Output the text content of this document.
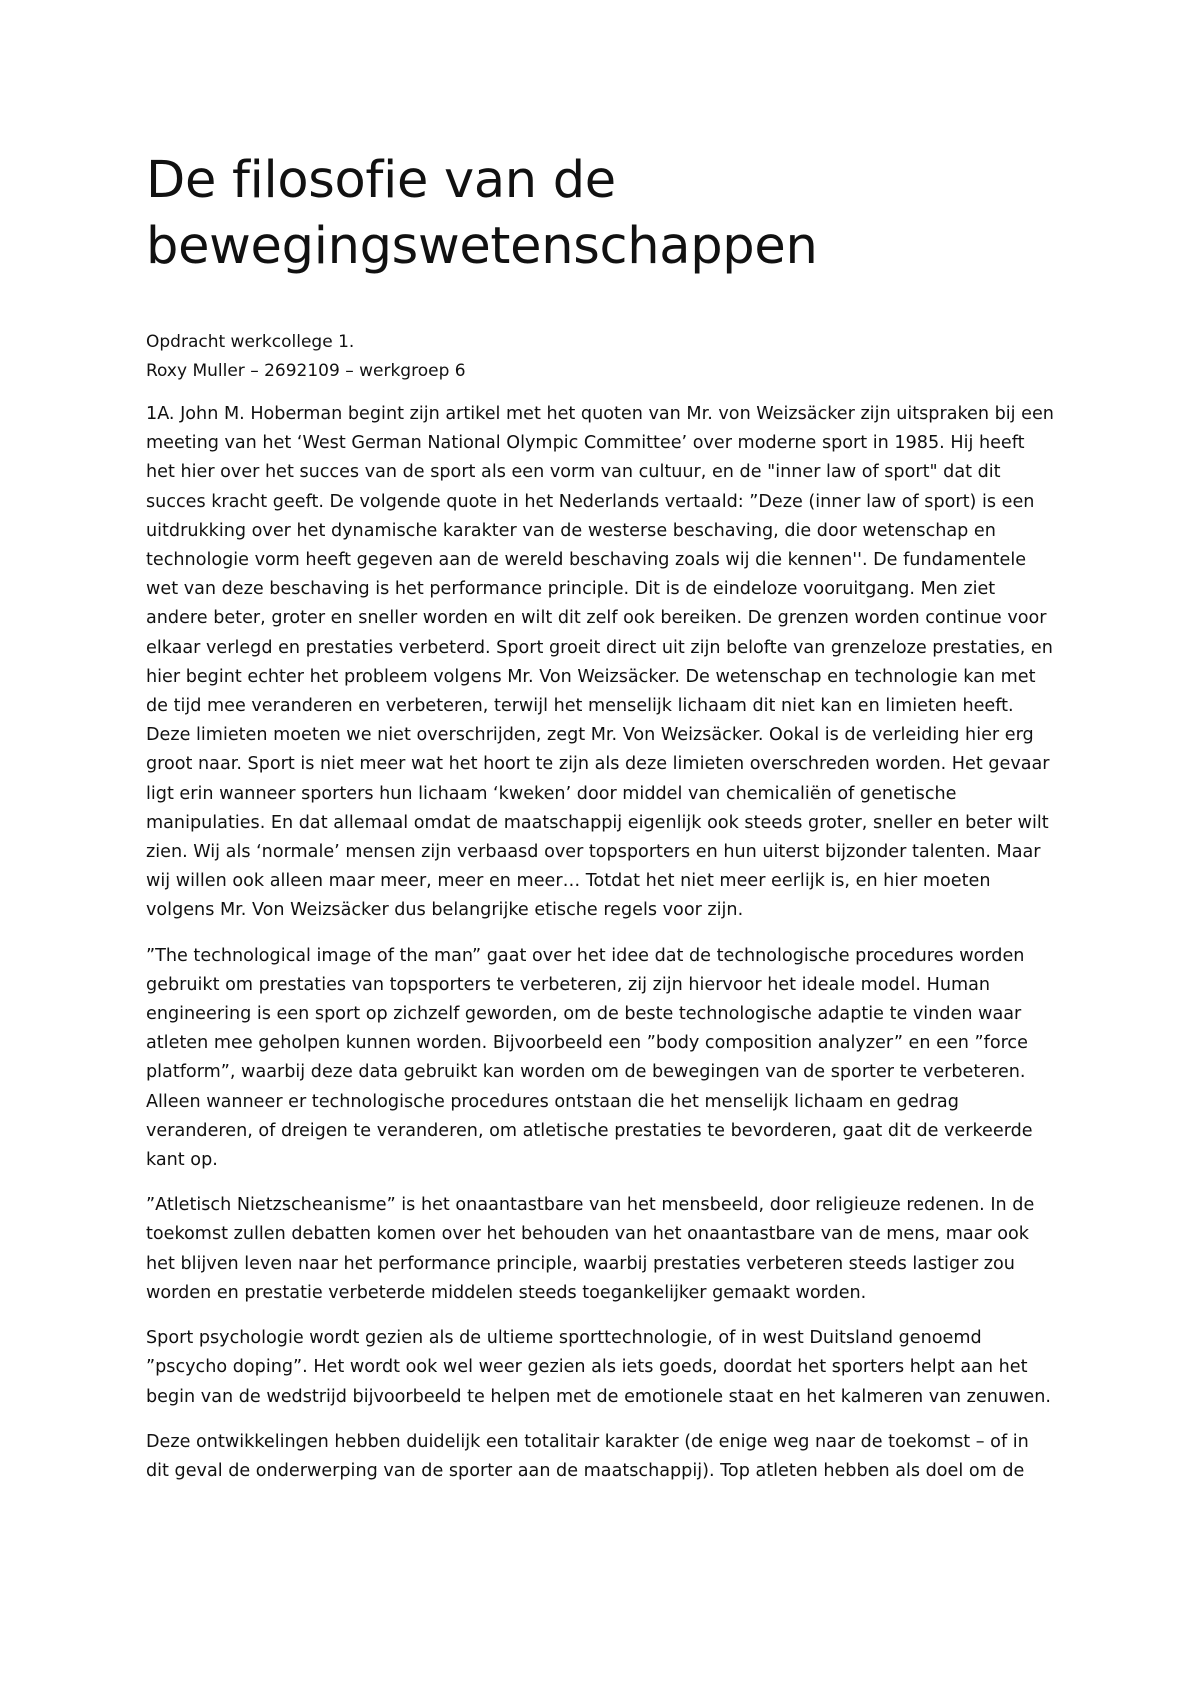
De filosofie van de bewegingswetenschappen

Opdracht werkcollege 1.

Roxy Muller – 2692109 – werkgroep 6

1A. John M. Hoberman begint zijn artikel met het quoten van Mr. von Weizsäcker zijn uitspraken bij een meeting van het ‘West German National Olympic Committee’ over moderne sport in 1985. Hij heeft het hier over het succes van de sport als een vorm van cultuur, en de "inner law of sport" dat dit succes kracht geeft. De volgende quote in het Nederlands vertaald: ”Deze (inner law of sport) is een uitdrukking over het dynamische karakter van de westerse beschaving, die door wetenschap en technologie vorm heeft gegeven aan de wereld beschaving zoals wij die kennen''. De fundamentele wet van deze beschaving is het performance principle. Dit is de eindeloze vooruitgang. Men ziet andere beter, groter en sneller worden en wilt dit zelf ook bereiken. De grenzen worden continue voor elkaar verlegd en prestaties verbeterd. Sport groeit direct uit zijn belofte van grenzeloze prestaties, en hier begint echter het probleem volgens Mr. Von Weizsäcker. De wetenschap en technologie kan met de tijd mee veranderen en verbeteren, terwijl het menselijk lichaam dit niet kan en limieten heeft. Deze limieten moeten we niet overschrijden, zegt Mr. Von Weizsäcker. Ookal is de verleiding hier erg groot naar. Sport is niet meer wat het hoort te zijn als deze limieten overschreden worden. Het gevaar ligt erin wanneer sporters hun lichaam ‘kweken’ door middel van chemicaliën of genetische manipulaties. En dat allemaal omdat de maatschappij eigenlijk ook steeds groter, sneller en beter wilt zien. Wij als ‘normale’ mensen zijn verbaasd over topsporters en hun uiterst bijzonder talenten. Maar wij willen ook alleen maar meer, meer en meer… Totdat het niet meer eerlijk is, en hier moeten volgens Mr. Von Weizsäcker dus belangrijke etische regels voor zijn.

”The technological image of the man” gaat over het idee dat de technologische procedures worden gebruikt om prestaties van topsporters te verbeteren, zij zijn hiervoor het ideale model. Human engineering is een sport op zichzelf geworden, om de beste technologische adaptie te vinden waar atleten mee geholpen kunnen worden. Bijvoorbeeld een ”body composition analyzer” en een ”force platform”, waarbij deze data gebruikt kan worden om de bewegingen van de sporter te verbeteren. Alleen wanneer er technologische procedures ontstaan die het menselijk lichaam en gedrag veranderen, of dreigen te veranderen, om atletische prestaties te bevorderen, gaat dit de verkeerde kant op.

”Atletisch Nietzscheanisme” is het onaantastbare van het mensbeeld, door religieuze redenen. In de toekomst zullen debatten komen over het behouden van het onaantastbare van de mens, maar ook het blijven leven naar het performance principle, waarbij prestaties verbeteren steeds lastiger zou worden en prestatie verbeterde middelen steeds toegankelijker gemaakt worden.

Sport psychologie wordt gezien als de ultieme sporttechnologie, of in west Duitsland genoemd ”pscycho doping”. Het wordt ook wel weer gezien als iets goeds, doordat het sporters helpt aan het begin van de wedstrijd bijvoorbeeld te helpen met de emotionele staat en het kalmeren van zenuwen.

Deze ontwikkelingen hebben duidelijk een totalitair karakter (de enige weg naar de toekomst – of in dit geval de onderwerping van de sporter aan de maatschappij). Top atleten hebben als doel om de
